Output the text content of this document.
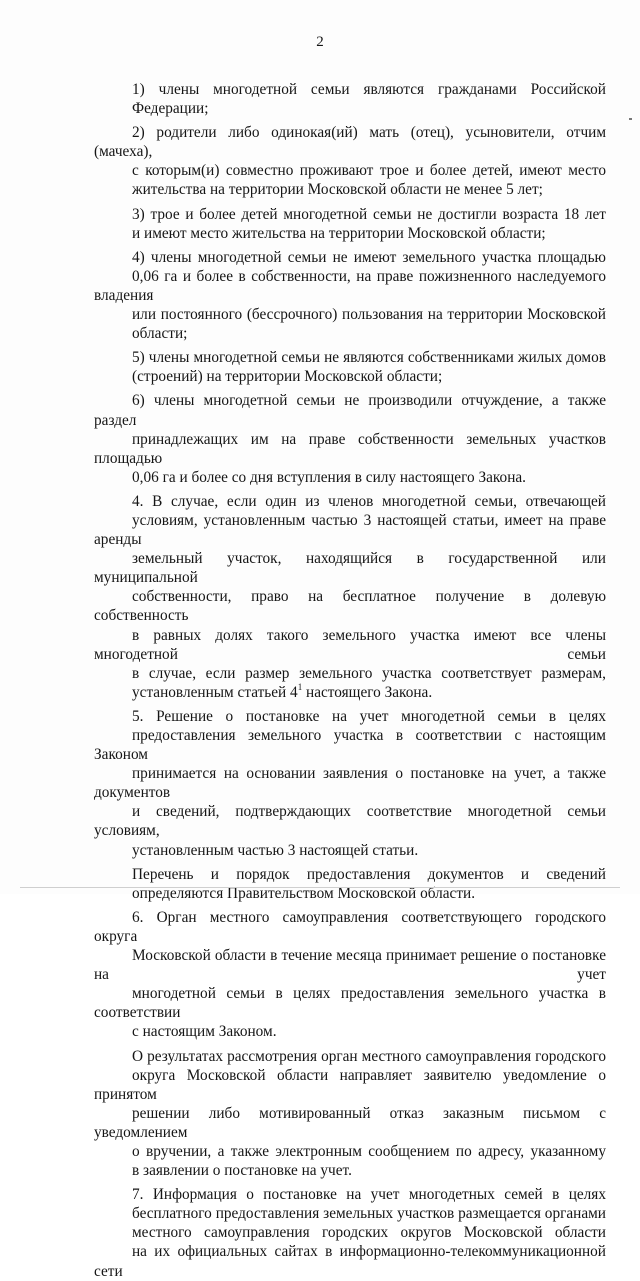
2

1) члены многодетной семьи являются гражданами Российской
Федерации;

2) родители либо одинокая(ий) мать (отец), усыновители, отчим (мачеха),
с которым(и) совместно проживают трое и более детей, имеют место
жительства на территории Московской области не менее 5 лет;

3) трое и более детей многодетной семьи не достигли возраста 18 лет
и имеют место жительства на территории Московской области;

4) члены многодетной семьи не имеют земельного участка площадью
0,06 га и более в собственности, на праве пожизненного наследуемого владения
или постоянного (бессрочного) пользования на территории Московской
области;

5) члены многодетной семьи не являются собственниками жилых домов
(строений) на территории Московской области;

6) члены многодетной семьи не производили отчуждение, а также раздел
принадлежащих им на праве собственности земельных участков площадью
0,06 га и более со дня вступления в силу настоящего Закона.

4. В случае, если один из членов многодетной семьи, отвечающей
условиям, установленным частью 3 настоящей статьи, имеет на праве аренды
земельный участок, находящийся в государственной или муниципальной
собственности, право на бесплатное получение в долевую собственность
в равных долях такого земельного участка имеют все члены многодетной семьи
в случае, если размер земельного участка соответствует размерам,
установленным статьей $4^1$ настоящего Закона.

5. Решение о постановке на учет многодетной семьи в целях
предоставления земельного участка в соответствии с настоящим Законом
принимается на основании заявления о постановке на учет, а также документов
и сведений, подтверждающих соответствие многодетной семьи условиям,
установленным частью 3 настоящей статьи.

Перечень и порядок предоставления документов и сведений
определяются Правительством Московской области.

6. Орган местного самоуправления соответствующего городского округа
Московской области в течение месяца принимает решение о постановке на учет
многодетной семьи в целях предоставления земельного участка в соответствии
с настоящим Законом.

О результатах рассмотрения орган местного самоуправления городского
округа Московской области направляет заявителю уведомление о принятом
решении либо мотивированный отказ заказным письмом с уведомлением
о вручении, а также электронным сообщением по адресу, указанному
в заявлении о постановке на учет.

7. Информация о постановке на учет многодетных семей в целях
бесплатного предоставления земельных участков размещается органами
местного самоуправления городских округов Московской области
на их официальных сайтах в информационно-телекоммуникационной сети
